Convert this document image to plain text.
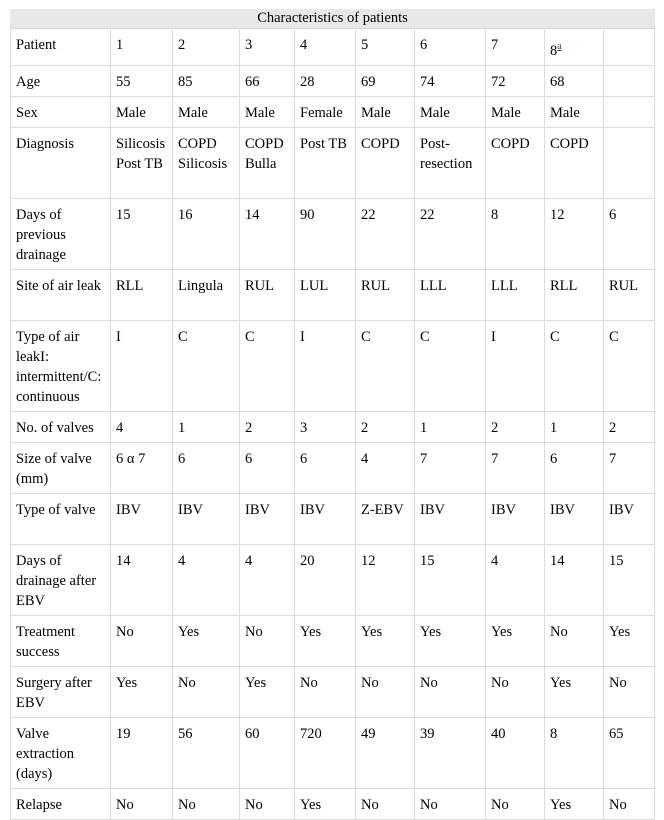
Characteristics of patients
Patient	1	2	3	4	5	6	7	8$^a$	
Age	55	85	66	28	69	74	72	68	
Sex	Male	Male	Male	Female	Male	Male	Male	Male	
Diagnosis	Silicosis Post TB	COPD Silicosis	COPD Bulla	Post TB	COPD	Post-resection	COPD	COPD	
Days of previous drainage	15	16	14	90	22	22	8	12	6
Site of air leak	RLL	Lingula	RUL	LUL	RUL	LLL	LLL	RLL	RUL
Type of air leakI: intermittent/C: continuous	I	C	C	I	C	C	I	C	C
No. of valves	4	1	2	3	2	1	2	1	2
Size of valve (mm)	6 α 7	6	6	6	4	7	7	6	7
Type of valve	IBV	IBV	IBV	IBV	Z-EBV	IBV	IBV	IBV	IBV
Days of drainage after EBV	14	4	4	20	12	15	4	14	15
Treatment success	No	Yes	No	Yes	Yes	Yes	Yes	No	Yes
Surgery after EBV	Yes	No	Yes	No	No	No	No	Yes	No
Valve extraction (days)	19	56	60	720	49	39	40	8	65
Relapse	No	No	No	Yes	No	No	No	Yes	No
